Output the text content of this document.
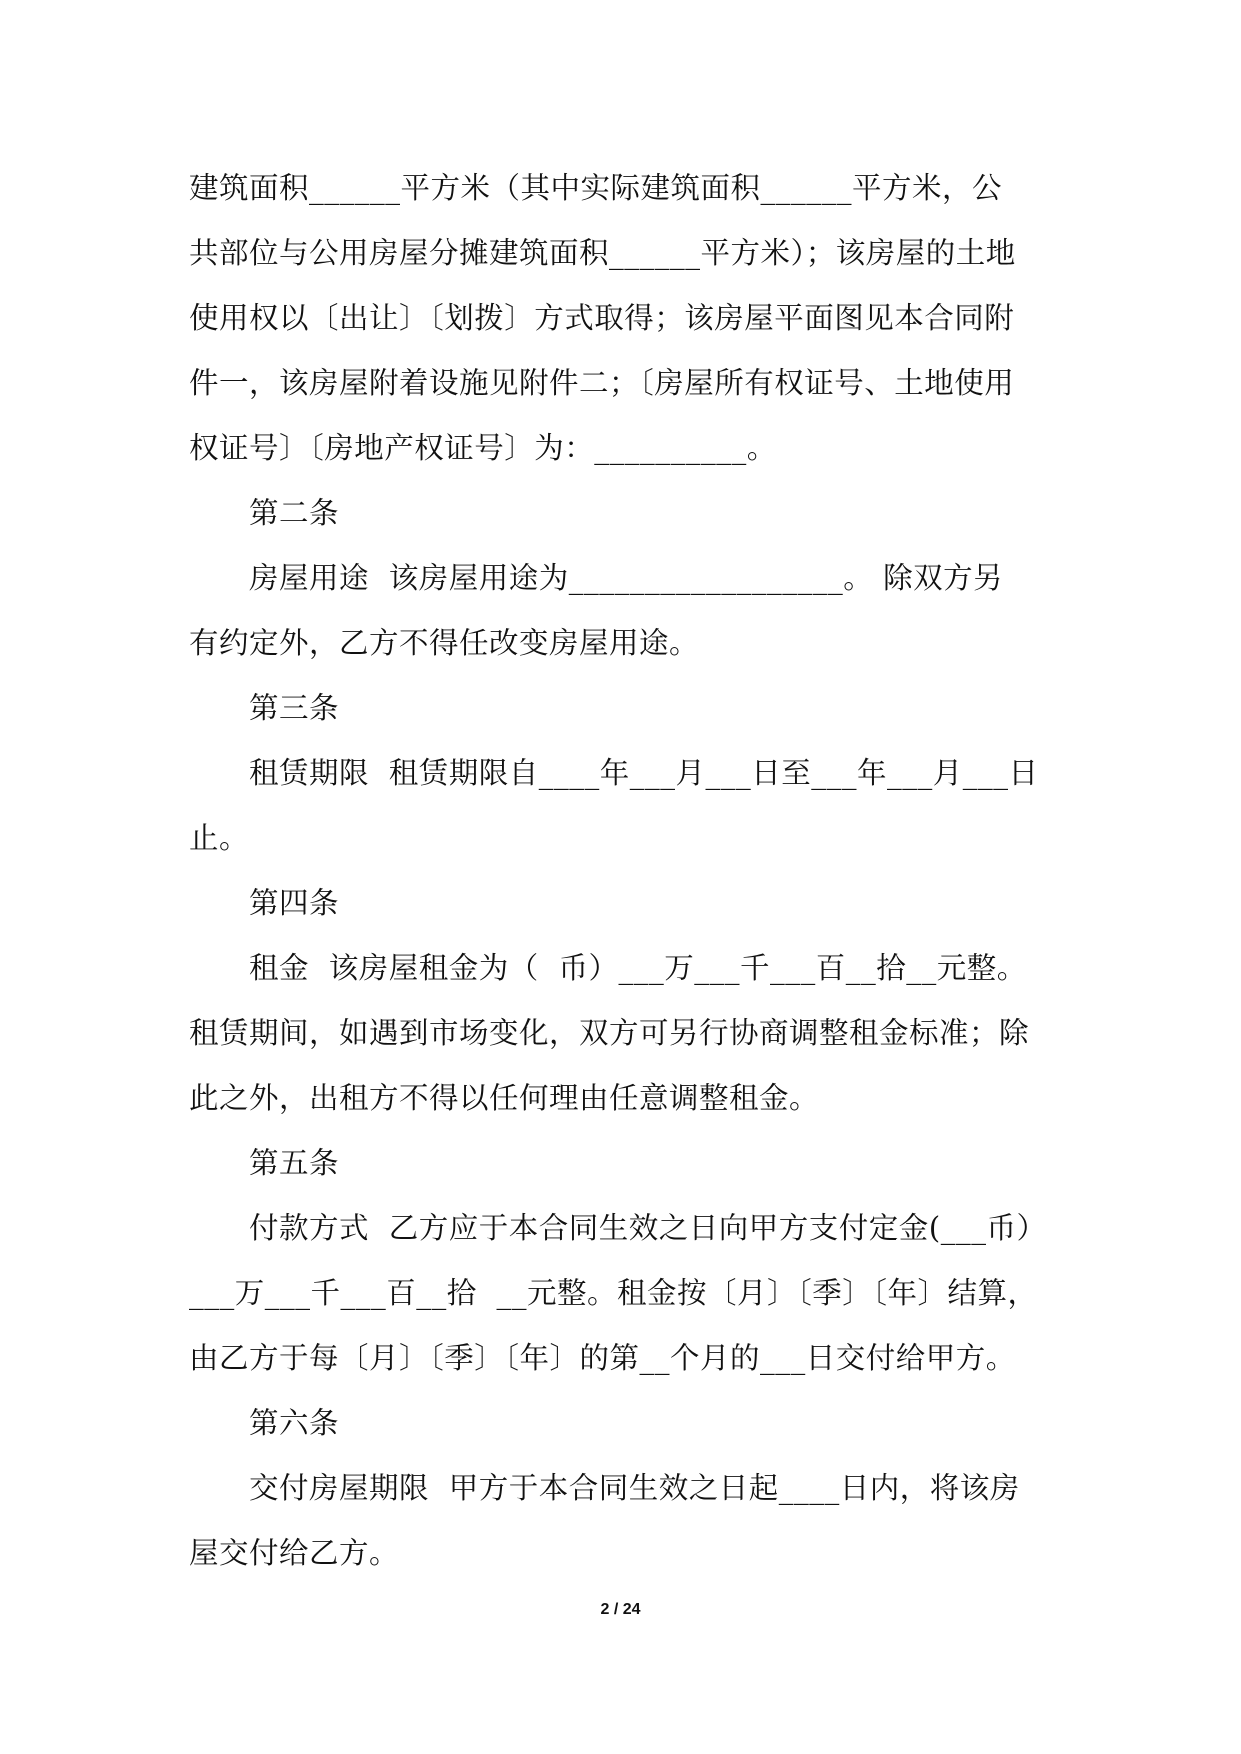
建筑面积______平方米（其中实际建筑面积______平方米，公
共部位与公用房屋分摊建筑面积______平方米）；该房屋的土地
使用权以〔出让〕〔划拨〕方式取得；该房屋平面图见本合同附
件一，该房屋附着设施见附件二；〔房屋所有权证号、土地使用
权证号〕〔房地产权证号〕为：__________。
第二条
房屋用途  该房屋用途为__________________。 除双方另
有约定外，乙方不得任改变房屋用途。
第三条
租赁期限  租赁期限自____年___月___日至___年___月___日
止。
第四条
租金  该房屋租金为（  币）___万___千___百__拾__元整。
租赁期间，如遇到市场变化，双方可另行协商调整租金标准；除
此之外，出租方不得以任何理由任意调整租金。
第五条
付款方式  乙方应于本合同生效之日向甲方支付定金(___币）
___万___千___百__拾  __元整。租金按〔月〕〔季〕〔年〕结算，
由乙方于每〔月〕〔季〕〔年〕的第__个月的___日交付给甲方。
第六条
交付房屋期限  甲方于本合同生效之日起____日内，将该房
屋交付给乙方。
2 / 24
